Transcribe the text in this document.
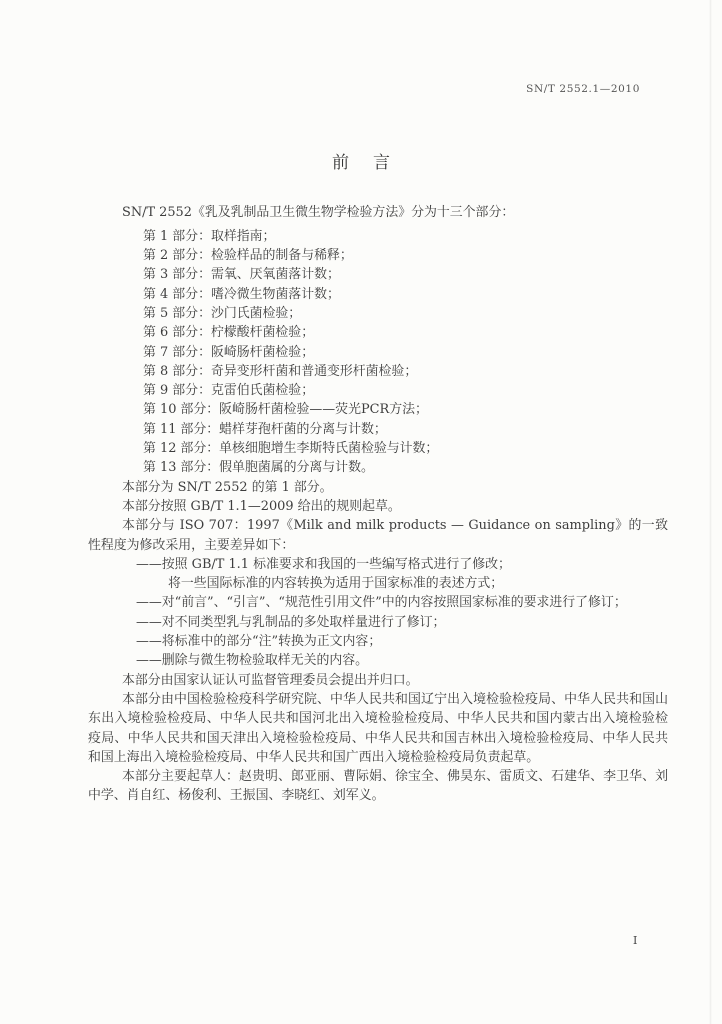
SN/T 2552.1—2010
前言

SN/T 2552《乳及乳制品卫生微生物学检验方法》分为十三个部分：

第 1 部分：取样指南；
第 2 部分：检验样品的制备与稀释；
第 3 部分：需氧、厌氧菌落计数；
第 4 部分：嗜冷微生物菌落计数；
第 5 部分：沙门氏菌检验；
第 6 部分：柠檬酸杆菌检验；
第 7 部分：阪崎肠杆菌检验；
第 8 部分：奇异变形杆菌和普通变形杆菌检验；
第 9 部分：克雷伯氏菌检验；
第 10 部分：阪崎肠杆菌检验——荧光PCR方法；
第 11 部分：蜡样芽孢杆菌的分离与计数；
第 12 部分：单核细胞增生李斯特氏菌检验与计数；
第 13 部分：假单胞菌属的分离与计数。

本部分为 SN/T 2552 的第 1 部分。

本部分按照 GB/T 1.1—2009 给出的规则起草。

本部分与 ISO 707：1997《Milk and milk products — Guidance on sampling》的一致性程度为修改采用，主要差异如下：

——按照 GB/T 1.1 标准要求和我国的一些编写格式进行了修改；
将一些国际标准的内容转换为适用于国家标准的表述方式；
——对“前言”、“引言”、“规范性引用文件”中的内容按照国家标准的要求进行了修订；
——对不同类型乳与乳制品的多处取样量进行了修订；
——将标准中的部分“注”转换为正文内容；
——删除与微生物检验取样无关的内容。

本部分由国家认证认可监督管理委员会提出并归口。

本部分由中国检验检疫科学研究院、中华人民共和国辽宁出入境检验检疫局、中华人民共和国山东出入境检验检疫局、中华人民共和国河北出入境检验检疫局、中华人民共和国内蒙古出入境检验检疫局、中华人民共和国天津出入境检验检疫局、中华人民共和国吉林出入境检验检疫局、中华人民共和国上海出入境检验检疫局、中华人民共和国广西出入境检验检疫局负责起草。

本部分主要起草人：赵贵明、郎亚丽、曹际娟、徐宝全、佛昊东、雷质文、石建华、李卫华、刘中学、肖自红、杨俊利、王振国、李晓红、刘军义。

I
